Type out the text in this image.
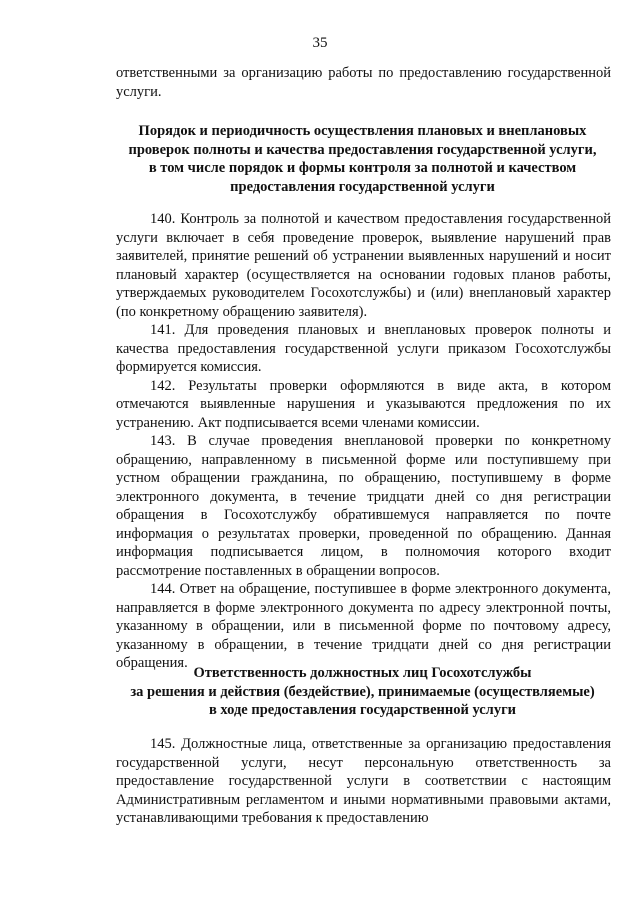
35

ответственными за организацию работы по предоставлению государственной услуги.

Порядок и периодичность осуществления плановых и внеплановых
проверок полноты и качества предоставления государственной услуги,
в том числе порядок и формы контроля за полнотой и качеством
предоставления государственной услуги

140. Контроль за полнотой и качеством предоставления государственной услуги включает в себя проведение проверок, выявление нарушений прав заявителей, принятие решений об устранении выявленных нарушений и носит плановый характер (осуществляется на основании годовых планов работы, утверждаемых руководителем Госохотслужбы) и (или) внеплановый характер (по конкретному обращению заявителя).

141. Для проведения плановых и внеплановых проверок полноты и качества предоставления государственной услуги приказом Госохотслужбы формируется комиссия.

142. Результаты проверки оформляются в виде акта, в котором отмечаются выявленные нарушения и указываются предложения по их устранению. Акт подписывается всеми членами комиссии.

143. В случае проведения внеплановой проверки по конкретному обращению, направленному в письменной форме или поступившему при устном обращении гражданина, по обращению, поступившему в форме электронного документа, в течение тридцати дней со дня регистрации обращения в Госохотслужбу обратившемуся направляется по почте информация о результатах проверки, проведенной по обращению. Данная информация подписывается лицом, в полномочия которого входит рассмотрение поставленных в обращении вопросов.

144. Ответ на обращение, поступившее в форме электронного документа, направляется в форме электронного документа по адресу электронной почты, указанному в обращении, или в письменной форме по почтовому адресу, указанному в обращении, в течение тридцати дней со дня регистрации обращения.

Ответственность должностных лиц Госохотслужбы
за решения и действия (бездействие), принимаемые (осуществляемые)
в ходе предоставления государственной услуги

145. Должностные лица, ответственные за организацию предоставления государственной услуги, несут персональную ответственность за предоставление государственной услуги в соответствии с настоящим Административным регламентом и иными нормативными правовыми актами, устанавливающими требования к предоставлению
